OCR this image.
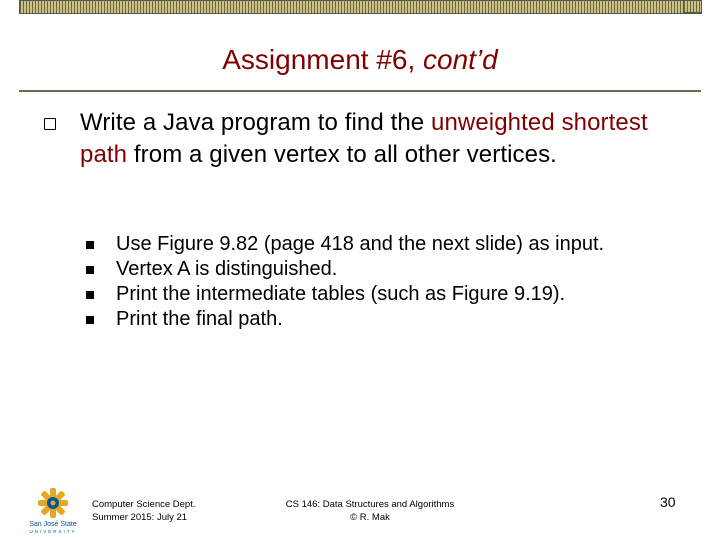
Assignment #6, cont’d
Write a Java program to find the unweighted shortest path from a given vertex to all other vertices.
Use Figure 9.82 (page 418 and the next slide) as input.
Vertex A is distinguished.
Print the intermediate tables (such as Figure 9.19).
Print the final path.
San José State
UNIVERSITY
Computer Science Dept.
Summer 2015: July 21
CS 146: Data Structures and Algorithms
© R. Mak
30
